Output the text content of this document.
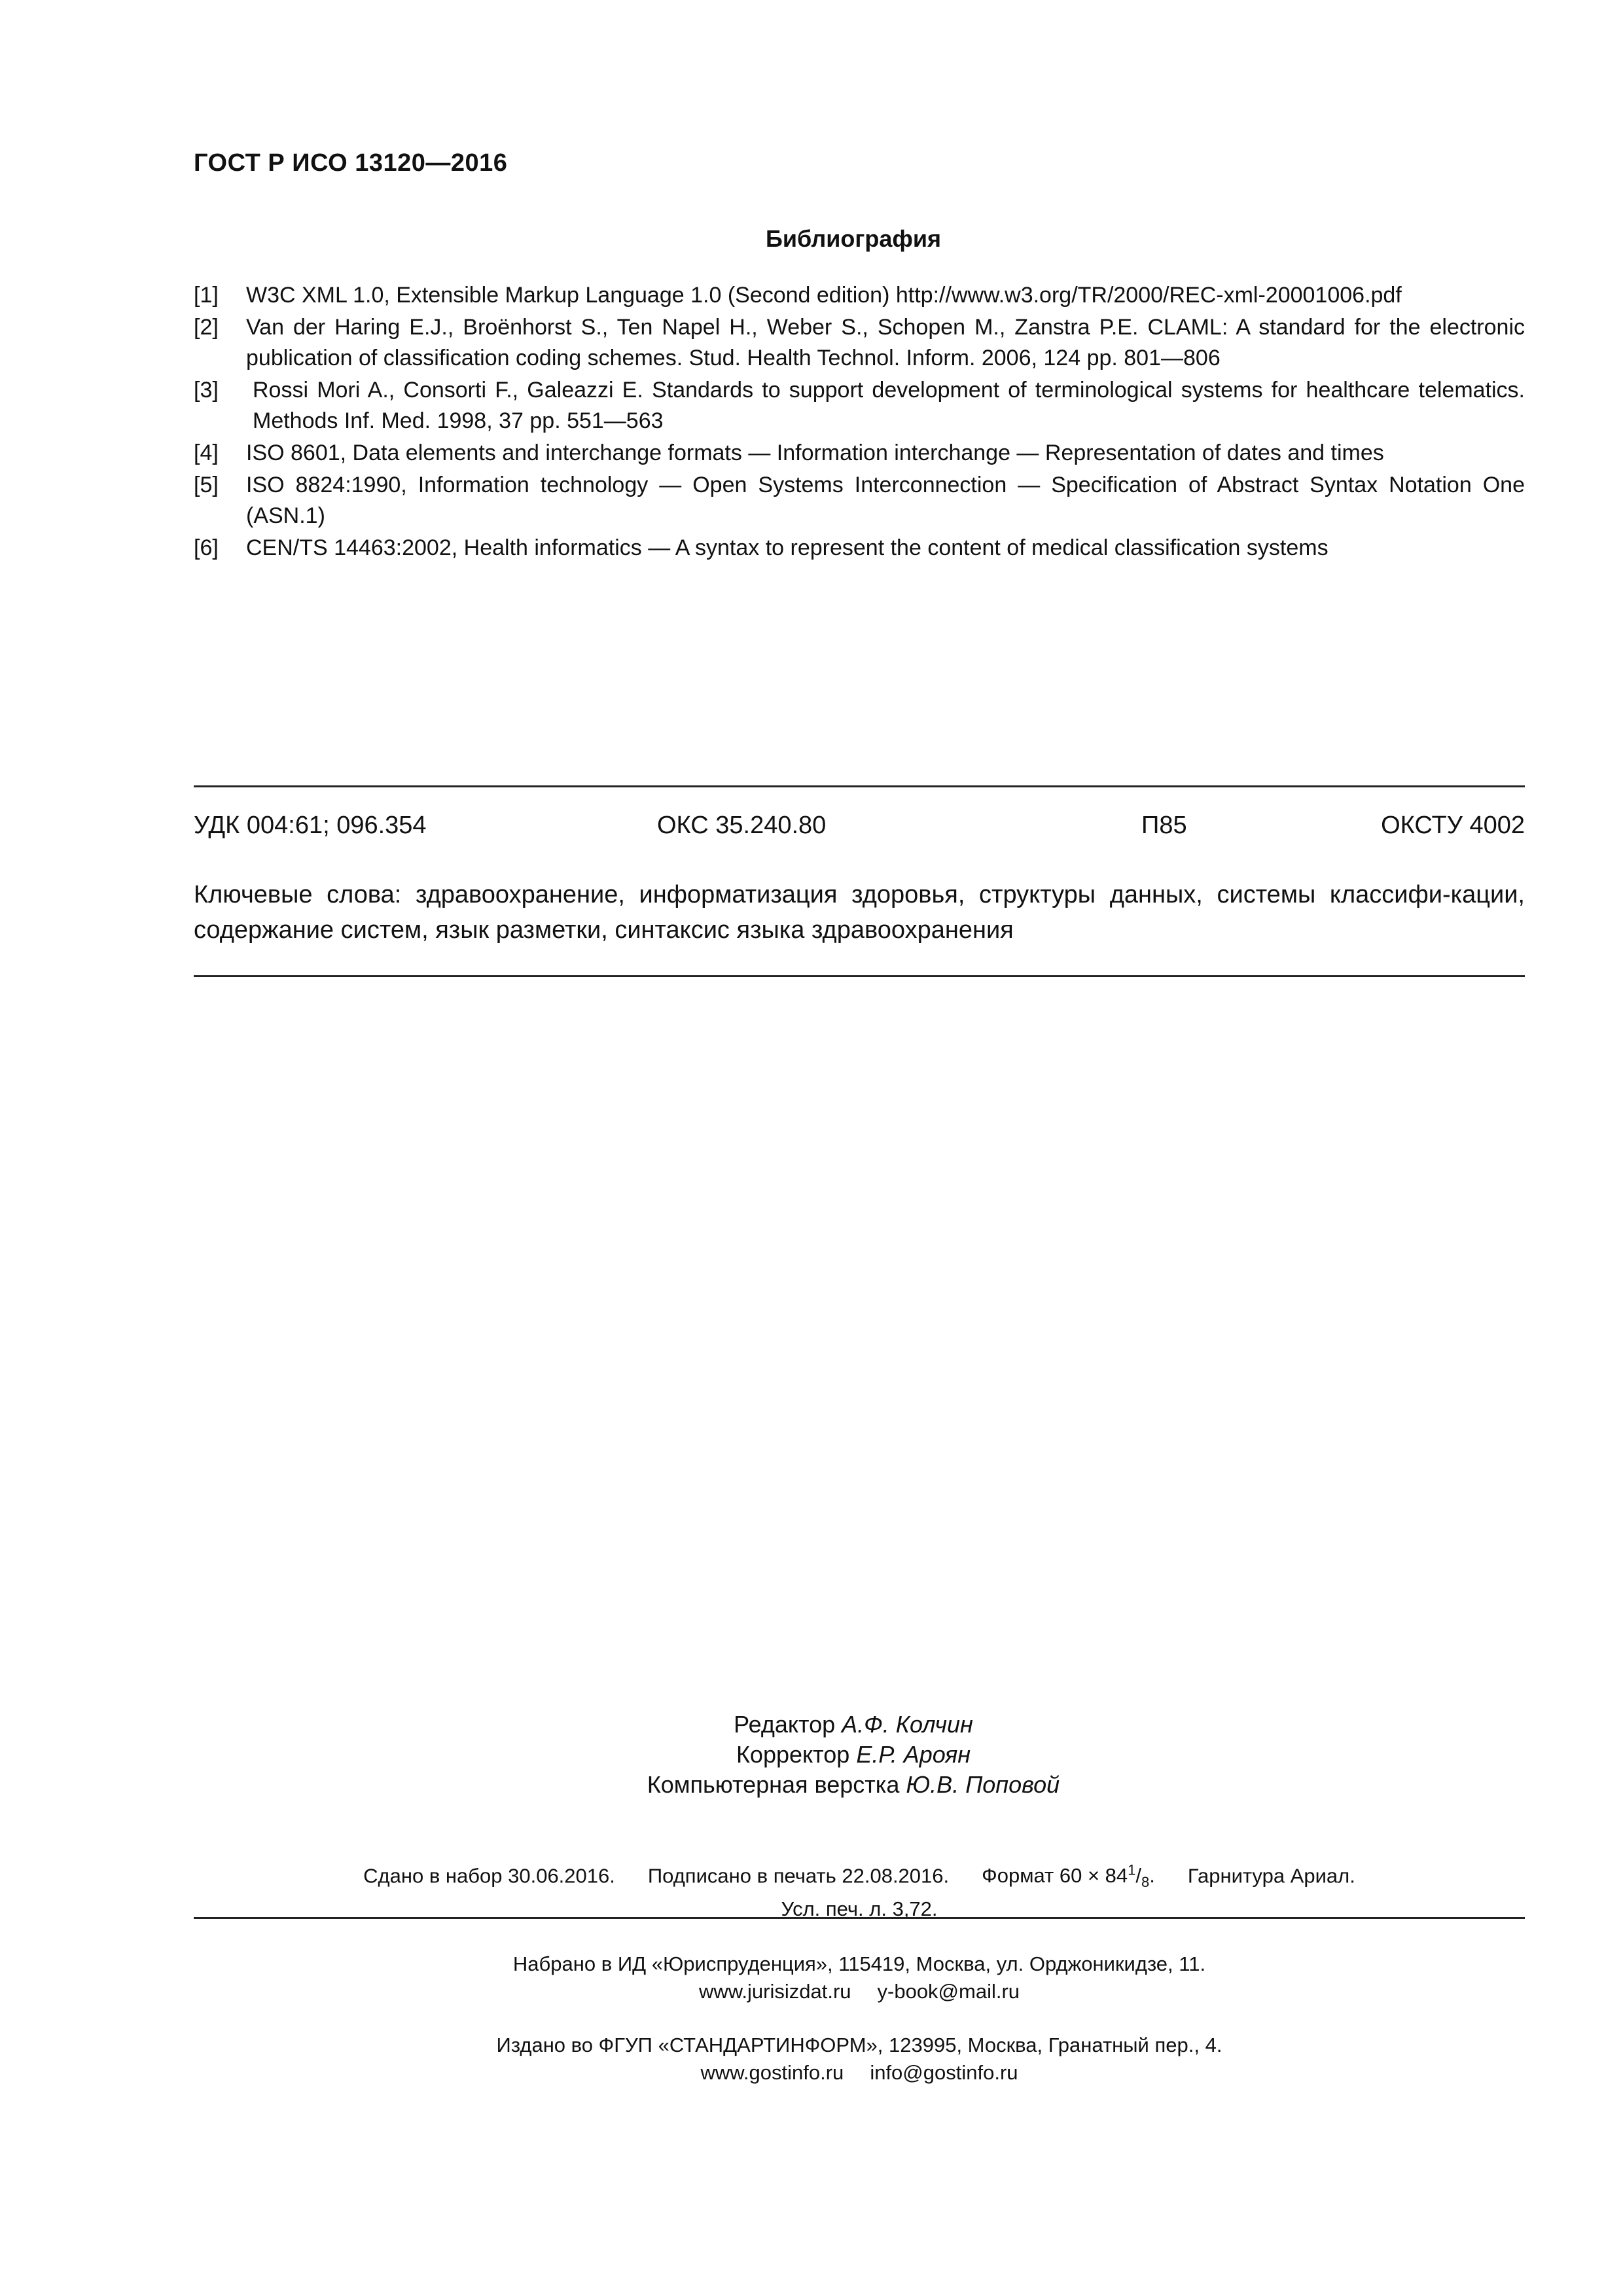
ГОСТ Р ИСО 13120—2016
Библиография
[1]	W3C XML 1.0, Extensible Markup Language 1.0 (Second edition) http://www.w3.org/TR/2000/REC-xml-20001006.pdf
[2]	Van der Haring E.J., Broënhorst S., Ten Napel H., Weber S., Schopen M., Zanstra P.E. CLAML: A standard for the electronic publication of classification coding schemes. Stud. Health Technol. Inform. 2006, 124 pp. 801—806
[3]	Rossi Mori A., Consorti F., Galeazzi E. Standards to support development of terminological systems for healthcare telematics. Methods Inf. Med. 1998, 37 pp. 551—563
[4]	ISO 8601, Data elements and interchange formats — Information interchange — Representation of dates and times
[5]	ISO 8824:1990, Information technology — Open Systems Interconnection — Specification of Abstract Syntax Notation One (ASN.1)
[6]	CEN/TS 14463:2002, Health informatics — A syntax to represent the content of medical classification systems
УДК 004:61; 096.354	ОКС 35.240.80	П85	ОКСТУ 4002
Ключевые слова: здравоохранение, информатизация здоровья, структуры данных, системы классифи-кации, содержание систем, язык разметки, синтаксис языка здравоохранения
Редактор А.Ф. Колчин
Корректор Е.Р. Ароян
Компьютерная верстка Ю.В. Поповой
Сдано в набор 30.06.2016. Подписано в печать 22.08.2016. Формат $60 \times 84^1/_8$. Гарнитура Ариал.
Усл. печ. л. 3,72.
Набрано в ИД «Юриспруденция», 115419, Москва, ул. Орджоникидзе, 11.
www.jurisizdat.ru y-book@mail.ru
Издано во ФГУП «СТАНДАРТИНФОРМ», 123995, Москва, Гранатный пер., 4.
www.gostinfo.ru info@gostinfo.ru
